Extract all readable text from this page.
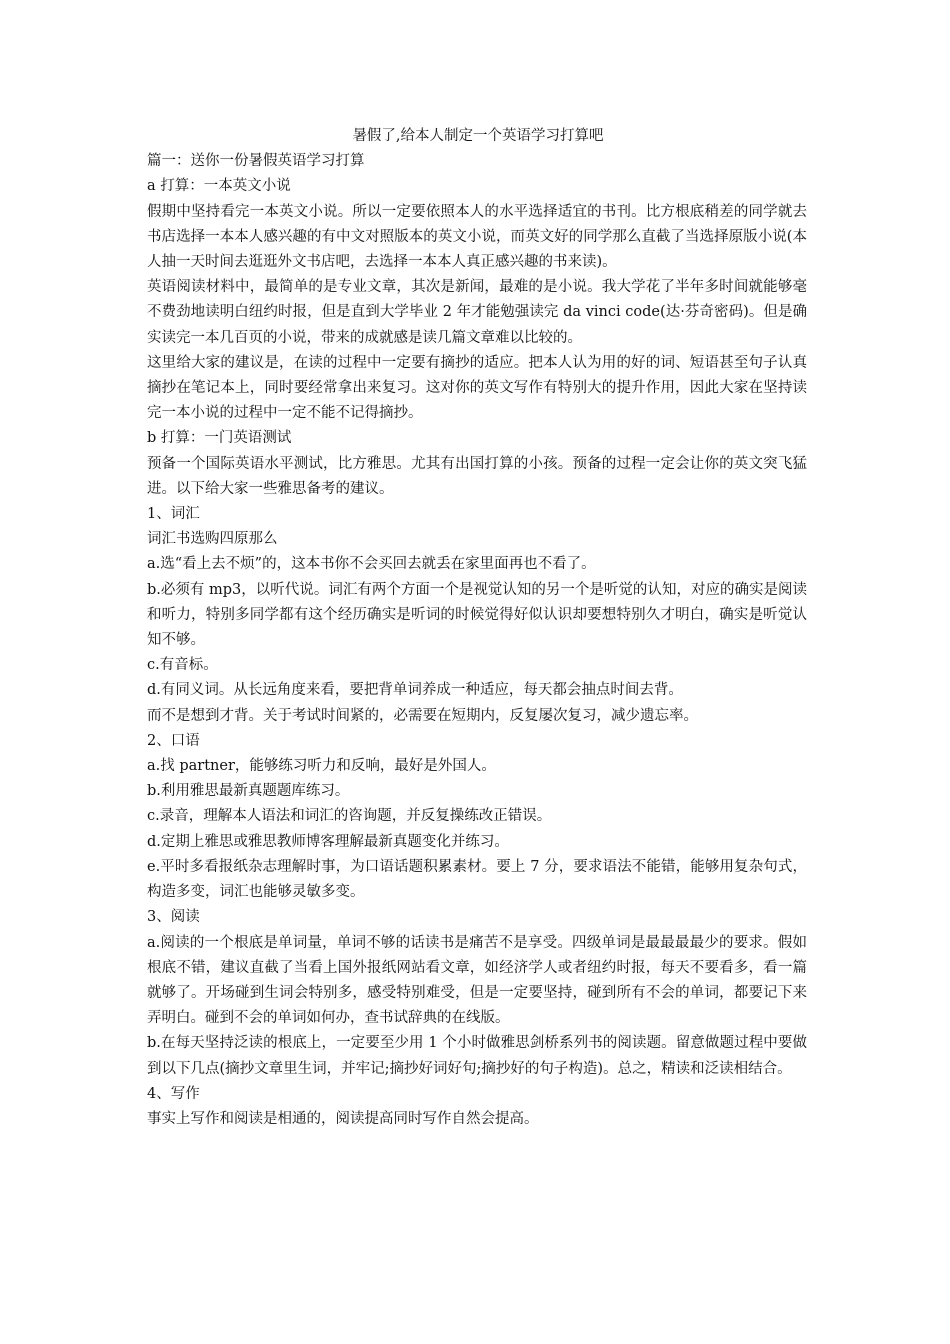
暑假了,给本人制定一个英语学习打算吧

篇一：送你一份暑假英语学习打算

a 打算：一本英文小说

假期中坚持看完一本英文小说。所以一定要依照本人的水平选择适宜的书刊。比方根底稍差的同学就去书店选择一本本人感兴趣的有中文对照版本的英文小说，而英文好的同学那么直截了当选择原版小说(本人抽一天时间去逛逛外文书店吧，去选择一本本人真正感兴趣的书来读)。

英语阅读材料中，最简单的是专业文章，其次是新闻，最难的是小说。我大学花了半年多时间就能够毫不费劲地读明白纽约时报，但是直到大学毕业 2 年才能勉强读完 da vinci code(达·芬奇密码)。但是确实读完一本几百页的小说，带来的成就感是读几篇文章难以比较的。

这里给大家的建议是，在读的过程中一定要有摘抄的适应。把本人认为用的好的词、短语甚至句子认真摘抄在笔记本上，同时要经常拿出来复习。这对你的英文写作有特别大的提升作用，因此大家在坚持读完一本小说的过程中一定不能不记得摘抄。

b 打算：一门英语测试

预备一个国际英语水平测试，比方雅思。尤其有出国打算的小孩。预备的过程一定会让你的英文突飞猛进。以下给大家一些雅思备考的建议。

1、词汇

词汇书选购四原那么

a.选“看上去不烦”的，这本书你不会买回去就丢在家里面再也不看了。

b.必须有 mp3，以听代说。词汇有两个方面一个是视觉认知的另一个是听觉的认知，对应的确实是阅读和听力，特别多同学都有这个经历确实是听词的时候觉得好似认识却要想特别久才明白，确实是听觉认知不够。

c.有音标。

d.有同义词。从长远角度来看，要把背单词养成一种适应，每天都会抽点时间去背。

而不是想到才背。关于考试时间紧的，必需要在短期内，反复屡次复习，减少遗忘率。

2、口语

a.找 partner，能够练习听力和反响，最好是外国人。

b.利用雅思最新真题题库练习。

c.录音，理解本人语法和词汇的咨询题，并反复操练改正错误。

d.定期上雅思或雅思教师博客理解最新真题变化并练习。

e.平时多看报纸杂志理解时事，为口语话题积累素材。要上 7 分，要求语法不能错，能够用复杂句式，构造多变，词汇也能够灵敏多变。

3、阅读

a.阅读的一个根底是单词量，单词不够的话读书是痛苦不是享受。四级单词是最最最最少的要求。假如根底不错，建议直截了当看上国外报纸网站看文章，如经济学人或者纽约时报，每天不要看多，看一篇就够了。开场碰到生词会特别多，感受特别难受，但是一定要坚持，碰到所有不会的单词，都要记下来弄明白。碰到不会的单词如何办，查书试辞典的在线版。

b.在每天坚持泛读的根底上，一定要至少用 1 个小时做雅思剑桥系列书的阅读题。留意做题过程中要做到以下几点(摘抄文章里生词，并牢记;摘抄好词好句;摘抄好的句子构造)。总之，精读和泛读相结合。

4、写作

事实上写作和阅读是相通的，阅读提高同时写作自然会提高。
